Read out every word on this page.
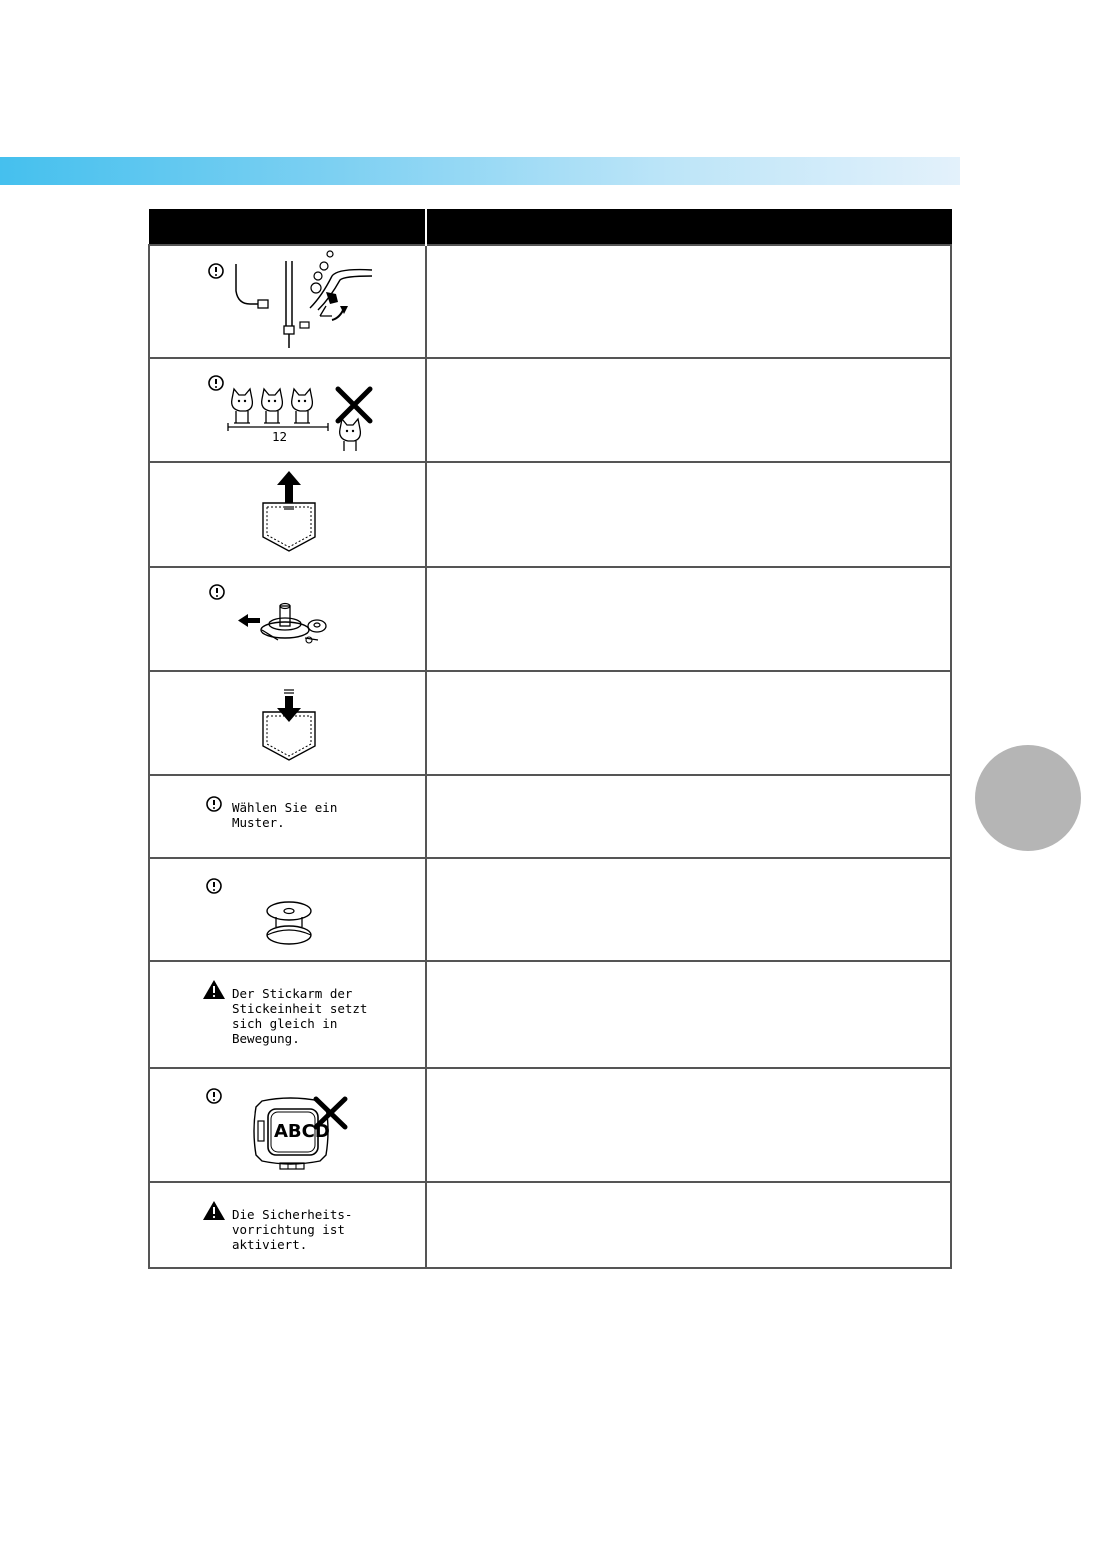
12	

Wählen Sie ein
Muster.	

Der Stickarm der
Stickeinheit setzt
sich gleich in
Bewegung.	

ABCD	

Die Sicherheits-
vorrichtung ist
aktiviert.	
